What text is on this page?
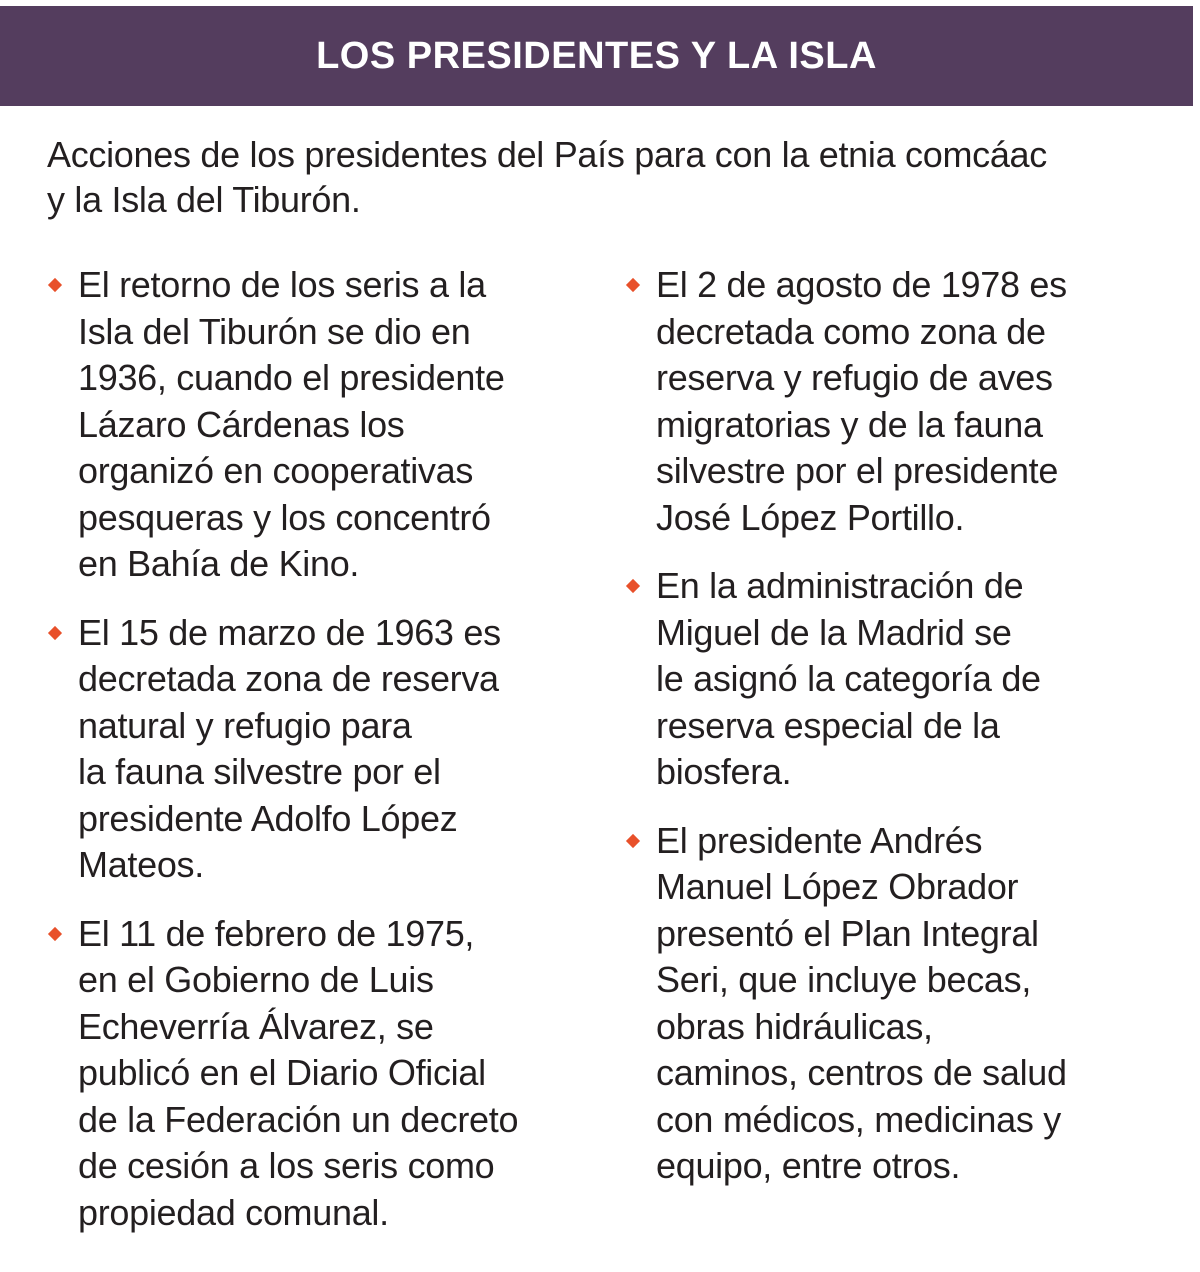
LOS PRESIDENTES Y LA ISLA
Acciones de los presidentes del País para con la etnia comcáac
y la Isla del Tiburón.
El retorno de los seris a la
Isla del Tiburón se dio en
1936, cuando el presidente
Lázaro Cárdenas los
organizó en cooperativas
pesqueras y los concentró
en Bahía de Kino.
El 15 de marzo de 1963 es
decretada zona de reserva
natural y refugio para
la fauna silvestre por el
presidente Adolfo López
Mateos.
El 11 de febrero de 1975,
en el Gobierno de Luis
Echeverría Álvarez, se
publicó en el Diario Oficial
de la Federación un decreto
de cesión a los seris como
propiedad comunal.
El 2 de agosto de 1978 es
decretada como zona de
reserva y refugio de aves
migratorias y de la fauna
silvestre por el presidente
José López Portillo.
En la administración de
Miguel de la Madrid se
le asignó la categoría de
reserva especial de la
biosfera.
El presidente Andrés
Manuel López Obrador
presentó el Plan Integral
Seri, que incluye becas,
obras hidráulicas,
caminos, centros de salud
con médicos, medicinas y
equipo, entre otros.
